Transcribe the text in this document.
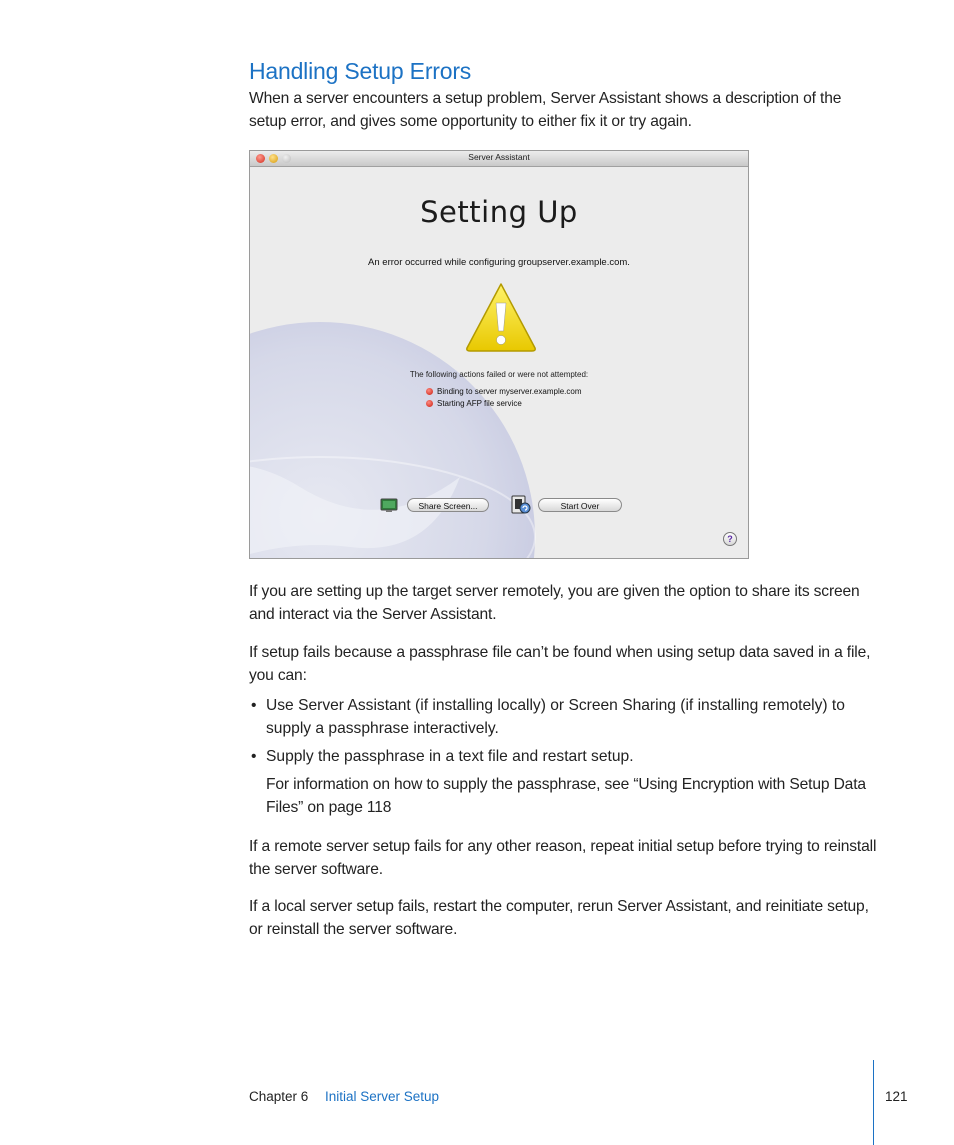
Handling Setup Errors

When a server encounters a setup problem, Server Assistant shows a description of the setup error, and gives some opportunity to either fix it or try again.

Server Assistant
Setting Up
An error occurred while configuring groupserver.example.com.
The following actions failed or were not attempted:
Binding to server myserver.example.com
Starting AFP file service
Share Screen...	Start Over
?

If you are setting up the target server remotely, you are given the option to share its screen and interact via the Server Assistant.

If setup fails because a passphrase file can’t be found when using setup data saved in a file, you can:

• Use Server Assistant (if installing locally) or Screen Sharing (if installing remotely) to supply a passphrase interactively.
• Supply the passphrase in a text file and restart setup.

For information on how to supply the passphrase, see “Using Encryption with Setup Data Files” on page 118

If a remote server setup fails for any other reason, repeat initial setup before trying to reinstall the server software.

If a local server setup fails, restart the computer, rerun Server Assistant, and reinitiate setup, or reinstall the server software.

Chapter 6 Initial Server Setup	121
